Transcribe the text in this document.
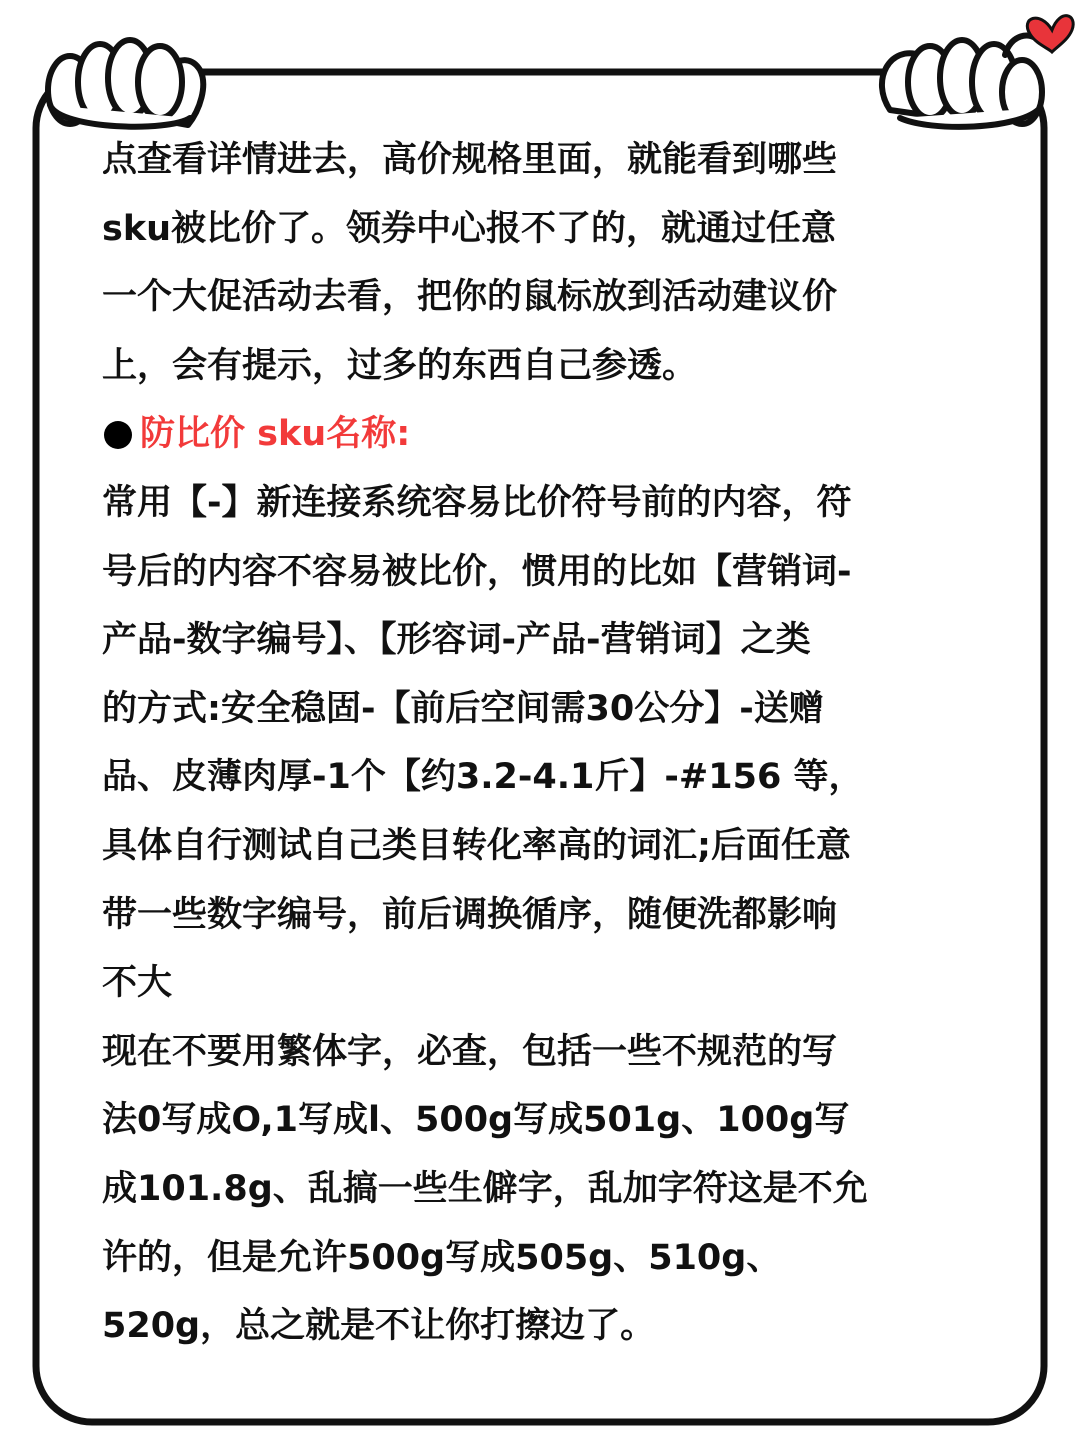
点查看详情进去，高价规格里面，就能看到哪些

sku被比价了。领券中心报不了的，就通过任意

一个大促活动去看，把你的鼠标放到活动建议价

上，会有提示，过多的东西自己参透。

防比价 sku名称:

常用【-】新连接系统容易比价符号前的内容，符

号后的内容不容易被比价，惯用的比如【营销词-

产品-数字编号】、【形容词-产品-营销词】之类

的方式:安全稳固-【前后空间需30公分】-送赠

品、皮薄肉厚-1个【约3.2-4.1斤】-#156 等，

具体自行测试自己类目转化率高的词汇;后面任意

带一些数字编号，前后调换循序，随便洗都影响

不大

现在不要用繁体字，必查，包括一些不规范的写

法0写成O,1写成l、500g写成501g、100g写

成101.8g、乱搞一些生僻字，乱加字符这是不允

许的，但是允许500g写成505g、510g、

520g，总之就是不让你打擦边了。
